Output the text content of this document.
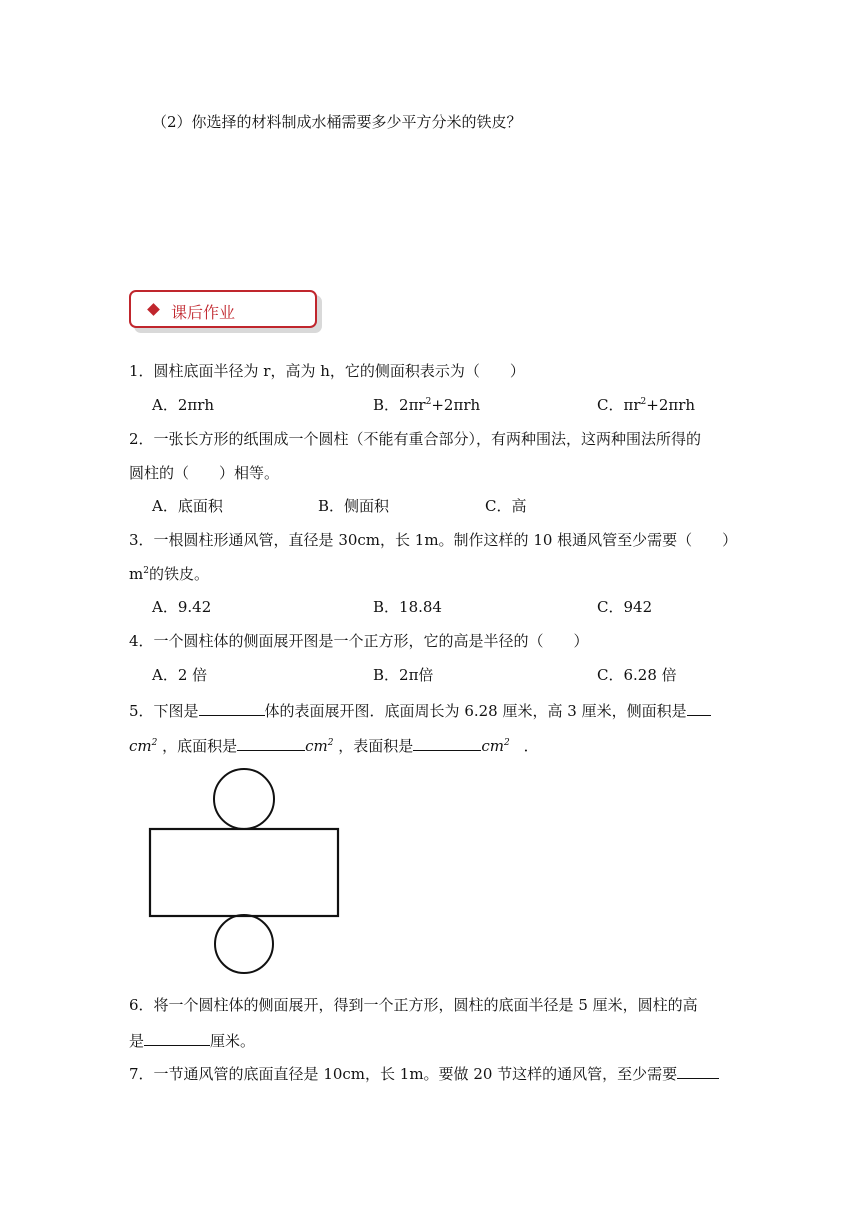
（2）你选择的材料制成水桶需要多少平方分米的铁皮？
课后作业
1．圆柱底面半径为 r，高为 h，它的侧面积表示为（　　）
A．2πrh	B．$2\pi r^2+2\pi rh$	C．$\pi r^2+2\pi rh$
2．一张长方形的纸围成一个圆柱（不能有重合部分），有两种围法，这两种围法所得的
圆柱的（　　）相等。
A．底面积	B．侧面积	C．高
3．一根圆柱形通风管，直径是 30cm，长 1m。制作这样的 10 根通风管至少需要（　　）
$m^2$的铁皮。
A．9.42	B．18.84	C．942
4．一个圆柱体的侧面展开图是一个正方形，它的高是半径的（　　）
A．2 倍	B．2π倍	C．6.28 倍
5．下图是	体的表面展开图．底面周长为 6.28 厘米，高 3 厘米，侧面积是
$cm^2$ ，底面积是	$cm^2$ ，表面积是	$cm^2$ ．
6．将一个圆柱体的侧面展开，得到一个正方形，圆柱的底面半径是 5 厘米，圆柱的高
是	厘米。
7．一节通风管的底面直径是 10cm，长 1m。要做 20 节这样的通风管，至少需要
